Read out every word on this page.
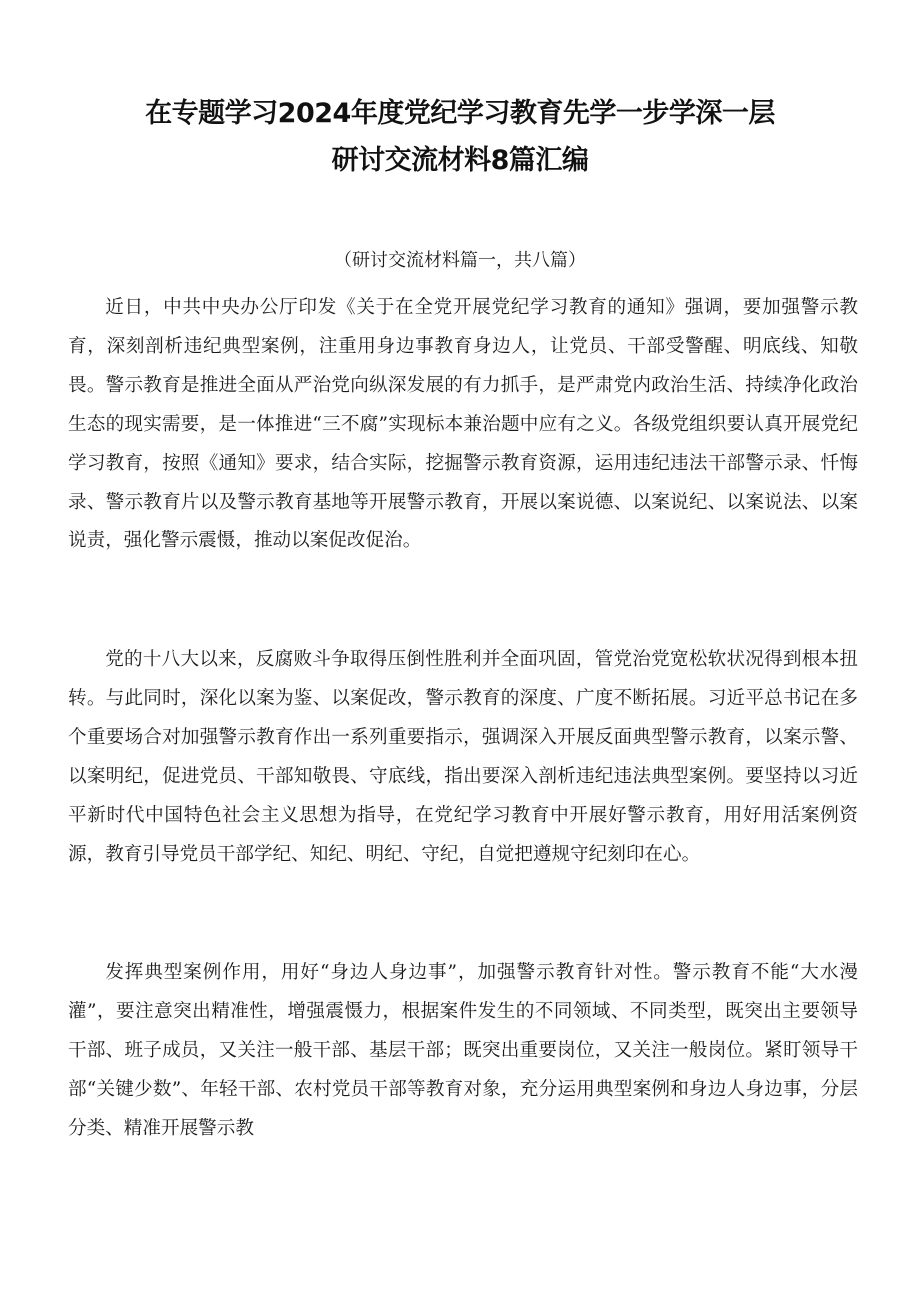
在专题学习2024年度党纪学习教育先学一步学深一层
研讨交流材料8篇汇编
（研讨交流材料篇一，共八篇）

近日，中共中央办公厅印发《关于在全党开展党纪学习教育的通知》强调，要加强警示教育，深刻剖析违纪典型案例，注重用身边事教育身边人，让党员、干部受警醒、明底线、知敬畏。警示教育是推进全面从严治党向纵深发展的有力抓手，是严肃党内政治生活、持续净化政治生态的现实需要，是一体推进“三不腐”实现标本兼治题中应有之义。各级党组织要认真开展党纪学习教育，按照《通知》要求，结合实际，挖掘警示教育资源，运用违纪违法干部警示录、忏悔录、警示教育片以及警示教育基地等开展警示教育，开展以案说德、以案说纪、以案说法、以案说责，强化警示震慑，推动以案促改促治。

党的十八大以来，反腐败斗争取得压倒性胜利并全面巩固，管党治党宽松软状况得到根本扭转。与此同时，深化以案为鉴、以案促改，警示教育的深度、广度不断拓展。习近平总书记在多个重要场合对加强警示教育作出一系列重要指示，强调深入开展反面典型警示教育，以案示警、以案明纪，促进党员、干部知敬畏、守底线，指出要深入剖析违纪违法典型案例。要坚持以习近平新时代中国特色社会主义思想为指导，在党纪学习教育中开展好警示教育，用好用活案例资源，教育引导党员干部学纪、知纪、明纪、守纪，自觉把遵规守纪刻印在心。

发挥典型案例作用，用好“身边人身边事”，加强警示教育针对性。警示教育不能“大水漫灌”，要注意突出精准性，增强震慑力，根据案件发生的不同领域、不同类型，既突出主要领导干部、班子成员，又关注一般干部、基层干部；既突出重要岗位，又关注一般岗位。紧盯领导干部“关键少数”、年轻干部、农村党员干部等教育对象，充分运用典型案例和身边人身边事，分层分类、精准开展警示教
